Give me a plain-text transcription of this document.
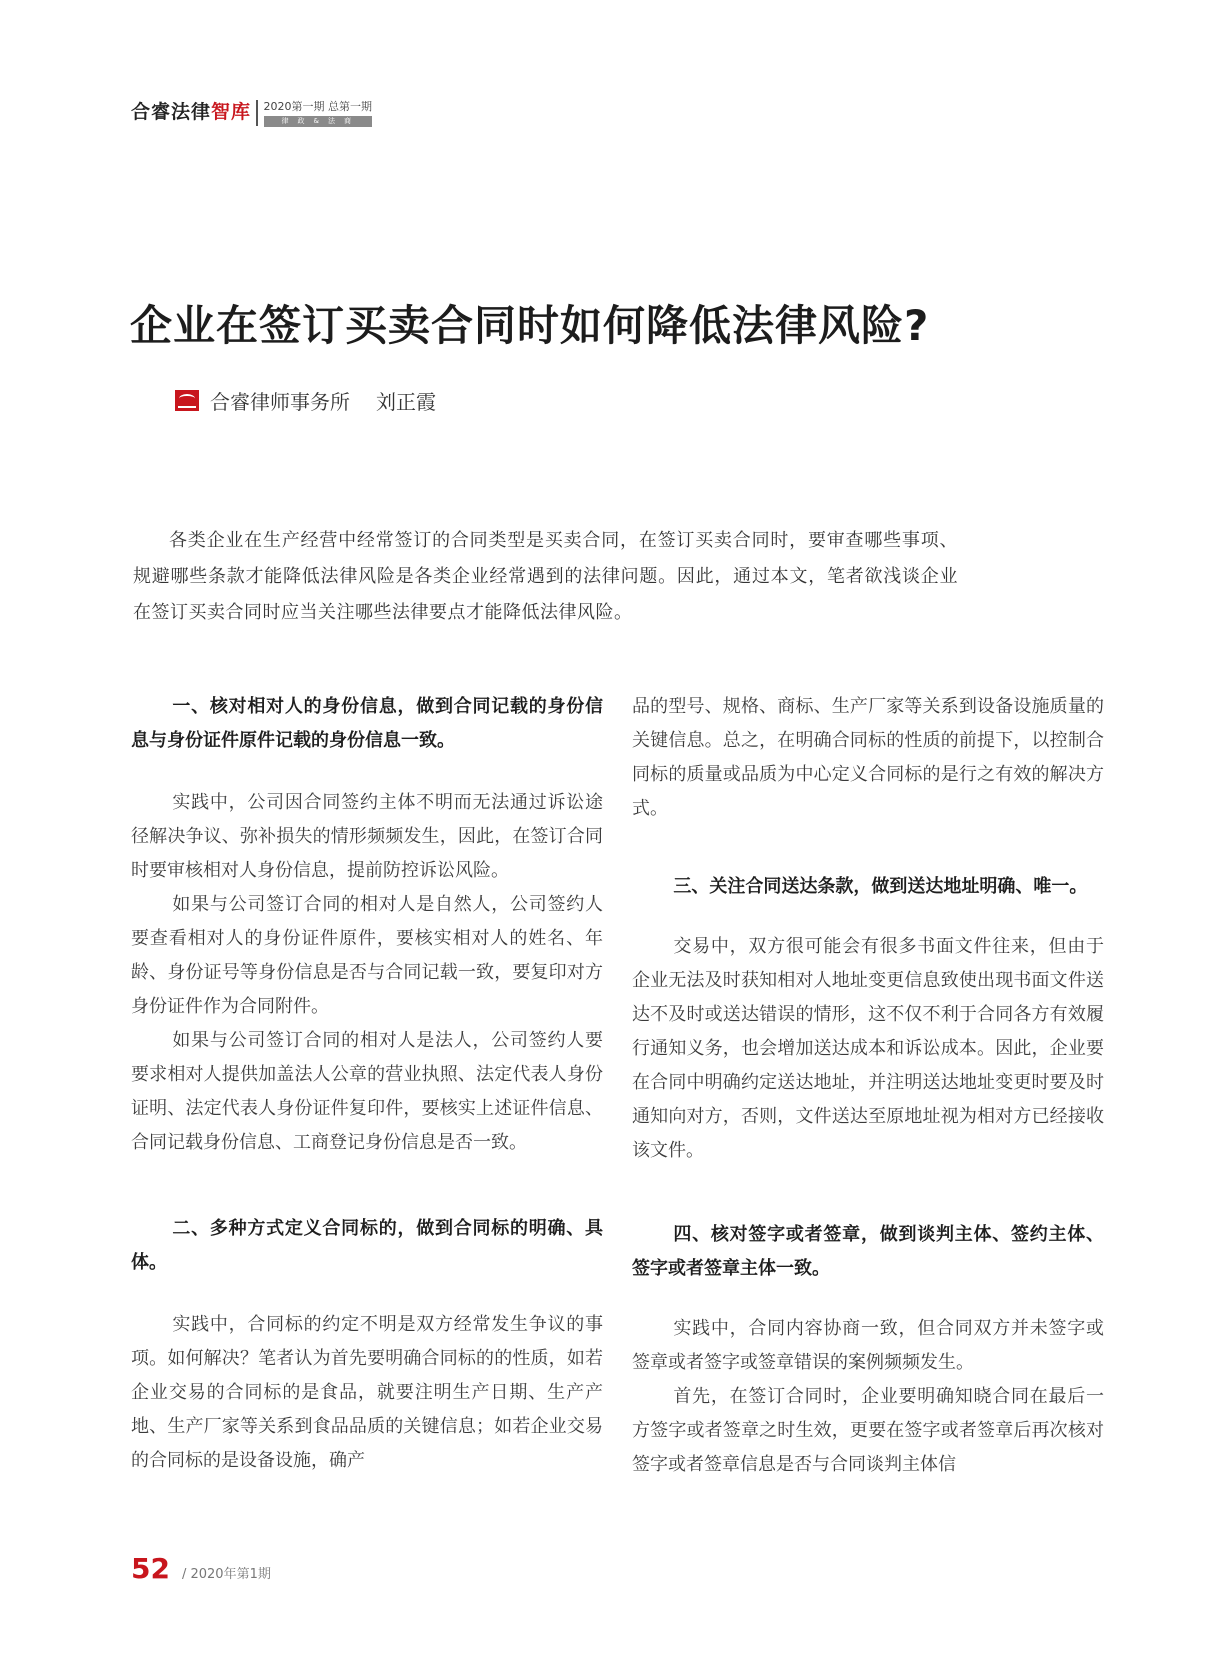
合睿法律智库 2020第一期 总第一期
律政&法商
企业在签订买卖合同时如何降低法律风险?
合睿律师事务所 刘正霞

各类企业在生产经营中经常签订的合同类型是买卖合同，在签订买卖合同时，要审查哪些事项、规避哪些条款才能降低法律风险是各类企业经常遇到的法律问题。因此，通过本文，笔者欲浅谈企业在签订买卖合同时应当关注哪些法律要点才能降低法律风险。

一、核对相对人的身份信息，做到合同记载的身份信息与身份证件原件记载的身份信息一致。

实践中，公司因合同签约主体不明而无法通过诉讼途径解决争议、弥补损失的情形频频发生，因此，在签订合同时要审核相对人身份信息，提前防控诉讼风险。

如果与公司签订合同的相对人是自然人，公司签约人要查看相对人的身份证件原件，要核实相对人的姓名、年龄、身份证号等身份信息是否与合同记载一致，要复印对方身份证件作为合同附件。

如果与公司签订合同的相对人是法人，公司签约人要要求相对人提供加盖法人公章的营业执照、法定代表人身份证明、法定代表人身份证件复印件，要核实上述证件信息、合同记载身份信息、工商登记身份信息是否一致。

二、多种方式定义合同标的，做到合同标的明确、具体。

实践中，合同标的约定不明是双方经常发生争议的事项。如何解决？笔者认为首先要明确合同标的的性质，如若企业交易的合同标的是食品，就要注明生产日期、生产产地、生产厂家等关系到食品品质的关键信息；如若企业交易的合同标的是设备设施，确产

品的型号、规格、商标、生产厂家等关系到设备设施质量的关键信息。总之，在明确合同标的性质的前提下，以控制合同标的质量或品质为中心定义合同标的是行之有效的解决方式。

三、关注合同送达条款，做到送达地址明确、唯一。

交易中，双方很可能会有很多书面文件往来，但由于企业无法及时获知相对人地址变更信息致使出现书面文件送达不及时或送达错误的情形，这不仅不利于合同各方有效履行通知义务，也会增加送达成本和诉讼成本。因此，企业要在合同中明确约定送达地址，并注明送达地址变更时要及时通知向对方，否则，文件送达至原地址视为相对方已经接收该文件。

四、核对签字或者签章，做到谈判主体、签约主体、签字或者签章主体一致。

实践中，合同内容协商一致，但合同双方并未签字或签章或者签字或签章错误的案例频频发生。

首先，在签订合同时，企业要明确知晓合同在最后一方签字或者签章之时生效，更要在签字或者签章后再次核对签字或者签章信息是否与合同谈判主体信

52 / 2020年第1期
